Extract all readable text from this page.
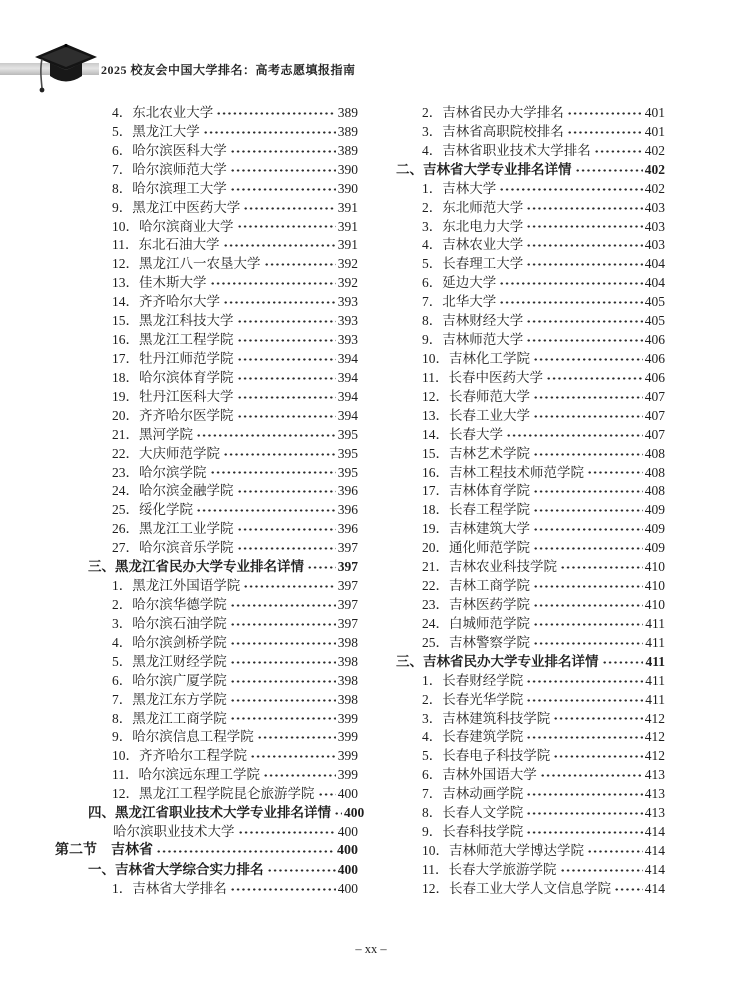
2025 校友会中国大学排名：高考志愿填报指南
4．东北农业大学	389
5．黑龙江大学	389
6．哈尔滨医科大学	389
7．哈尔滨师范大学	390
8．哈尔滨理工大学	390
9．黑龙江中医药大学	391
10．哈尔滨商业大学	391
11．东北石油大学	391
12．黑龙江八一农垦大学	392
13．佳木斯大学	392
14．齐齐哈尔大学	393
15．黑龙江科技大学	393
16．黑龙江工程学院	393
17．牡丹江师范学院	394
18．哈尔滨体育学院	394
19．牡丹江医科大学	394
20．齐齐哈尔医学院	394
21．黑河学院	395
22．大庆师范学院	395
23．哈尔滨学院	395
24．哈尔滨金融学院	396
25．绥化学院	396
26．黑龙江工业学院	396
27．哈尔滨音乐学院	397
三、黑龙江省民办大学专业排名详情	397
1．黑龙江外国语学院	397
2．哈尔滨华德学院	397
3．哈尔滨石油学院	397
4．哈尔滨剑桥学院	398
5．黑龙江财经学院	398
6．哈尔滨广厦学院	398
7．黑龙江东方学院	398
8．黑龙江工商学院	399
9．哈尔滨信息工程学院	399
10．齐齐哈尔工程学院	399
11．哈尔滨远东理工学院	399
12．黑龙江工程学院昆仑旅游学院 400
四、黑龙江省职业技术大学专业排名详情 400
哈尔滨职业技术大学	400
第二节　吉林省	400
一、吉林省大学综合实力排名	400
1．吉林省大学排名	400
2．吉林省民办大学排名	401
3．吉林省高职院校排名	401
4．吉林省职业技术大学排名	402
二、吉林省大学专业排名详情	402
1．吉林大学	402
2．东北师范大学	403
3．东北电力大学	403
4．吉林农业大学	403
5．长春理工大学	404
6．延边大学	404
7．北华大学	405
8．吉林财经大学	405
9．吉林师范大学	406
10．吉林化工学院	406
11．长春中医药大学	406
12．长春师范大学	407
13．长春工业大学	407
14．长春大学	407
15．吉林艺术学院	408
16．吉林工程技术师范学院	408
17．吉林体育学院	408
18．长春工程学院	409
19．吉林建筑大学	409
20．通化师范学院	409
21．吉林农业科技学院	410
22．吉林工商学院	410
23．吉林医药学院	410
24．白城师范学院	411
25．吉林警察学院	411
三、吉林省民办大学专业排名详情	411
1．长春财经学院	411
2．长春光华学院	411
3．吉林建筑科技学院	412
4．长春建筑学院	412
5．长春电子科技学院	412
6．吉林外国语大学	413
7．吉林动画学院	413
8．长春人文学院	413
9．长春科技学院	414
10．吉林师范大学博达学院	414
11．长春大学旅游学院	414
12．长春工业大学人文信息学院	414
– xx –
